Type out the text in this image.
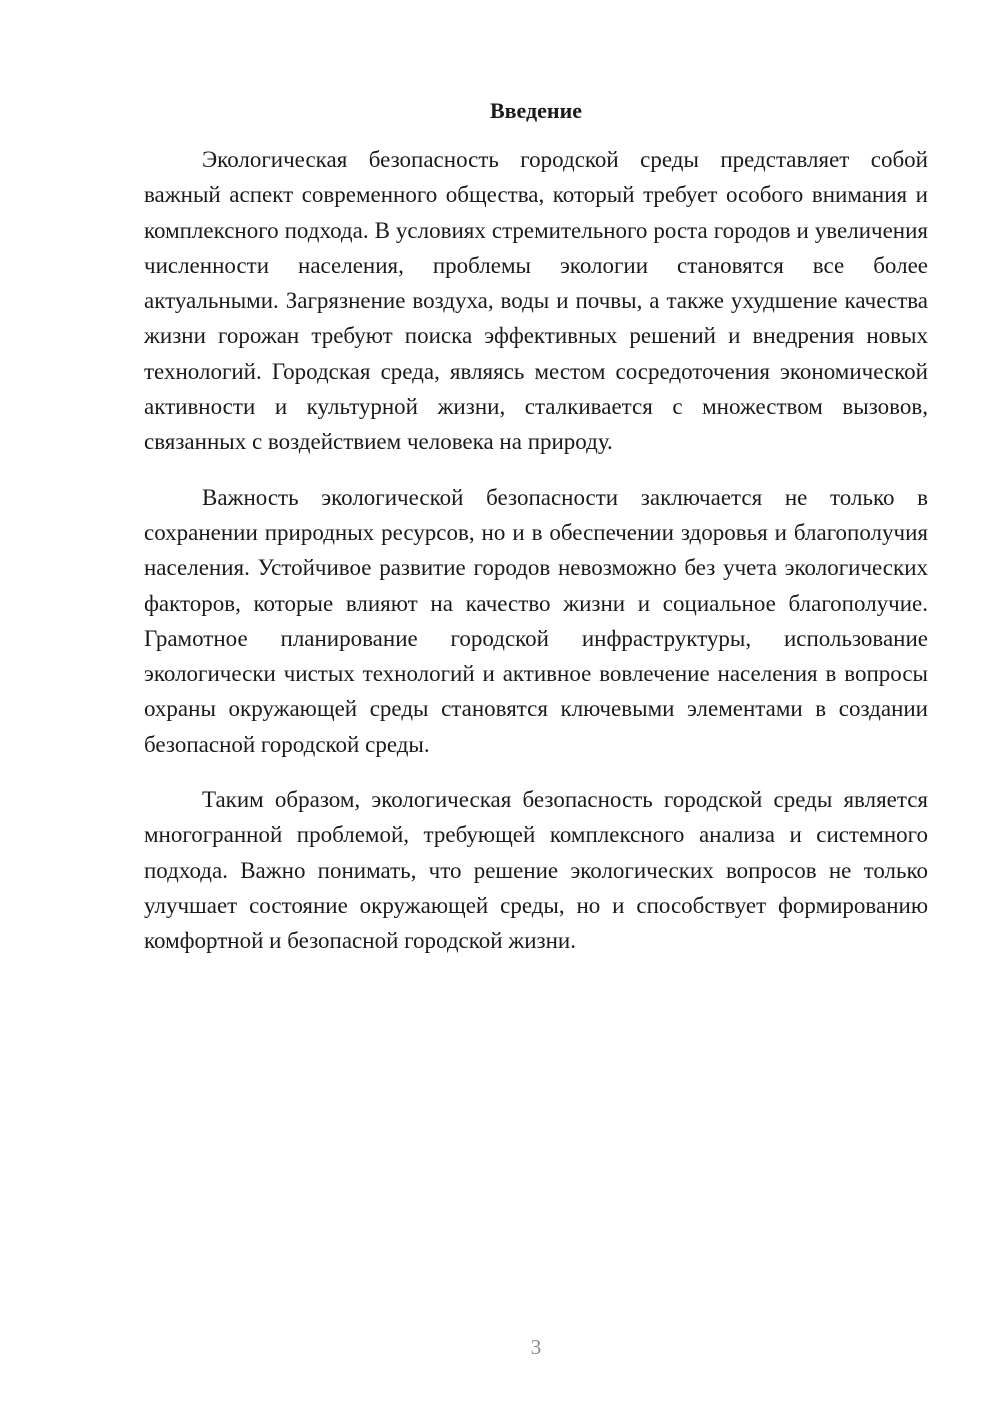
Введение

Экологическая безопасность городской среды представляет собой важный аспект современного общества, который требует особого внимания и комплексного подхода. В условиях стремительного роста городов и увеличения численности населения, проблемы экологии становятся все более актуальными. Загрязнение воздуха, воды и почвы, а также ухудшение качества жизни горожан требуют поиска эффективных решений и внедрения новых технологий. Городская среда, являясь местом сосредоточения экономической активности и культурной жизни, сталкивается с множеством вызовов, связанных с воздействием человека на природу.

Важность экологической безопасности заключается не только в сохранении природных ресурсов, но и в обеспечении здоровья и благополучия населения. Устойчивое развитие городов невозможно без учета экологических факторов, которые влияют на качество жизни и социальное благополучие. Грамотное планирование городской инфраструктуры, использование экологически чистых технологий и активное вовлечение населения в вопросы охраны окружающей среды становятся ключевыми элементами в создании безопасной городской среды.

Таким образом, экологическая безопасность городской среды является многогранной проблемой, требующей комплексного анализа и системного подхода. Важно понимать, что решение экологических вопросов не только улучшает состояние окружающей среды, но и способствует формированию комфортной и безопасной городской жизни.

3
